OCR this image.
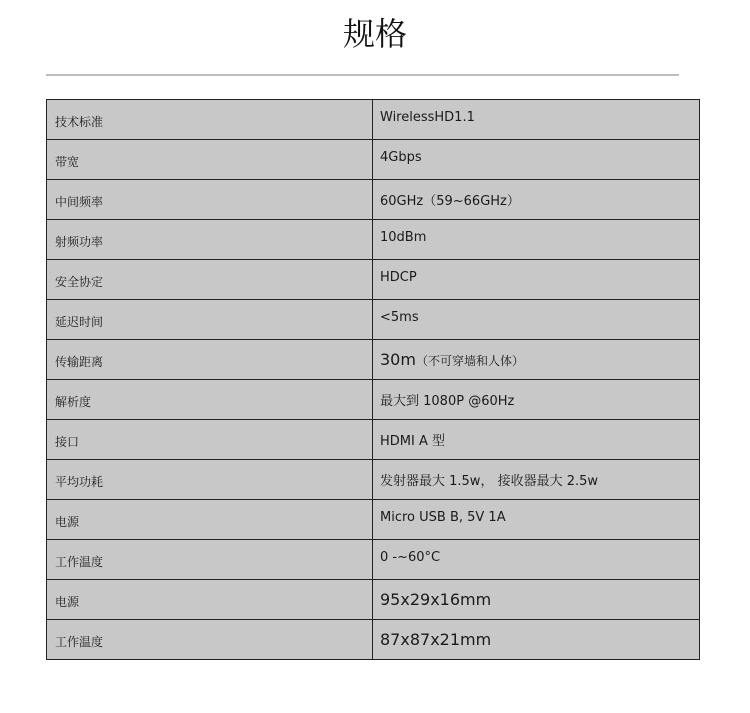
规格
技术标准	WirelessHD1.1
带宽	4Gbps
中间频率	60GHz（59~66GHz）
射频功率	10dBm
安全协定	HDCP
延迟时间	<5ms
传输距离	30m（不可穿墙和人体）
解析度	最大到 1080P @60Hz
接口	HDMI A 型
平均功耗	发射器最大 1.5w， 接收器最大 2.5w
电源	Micro USB B, 5V 1A
工作温度	0 -~60°C
电源	95x29x16mm
工作温度	87x87x21mm
